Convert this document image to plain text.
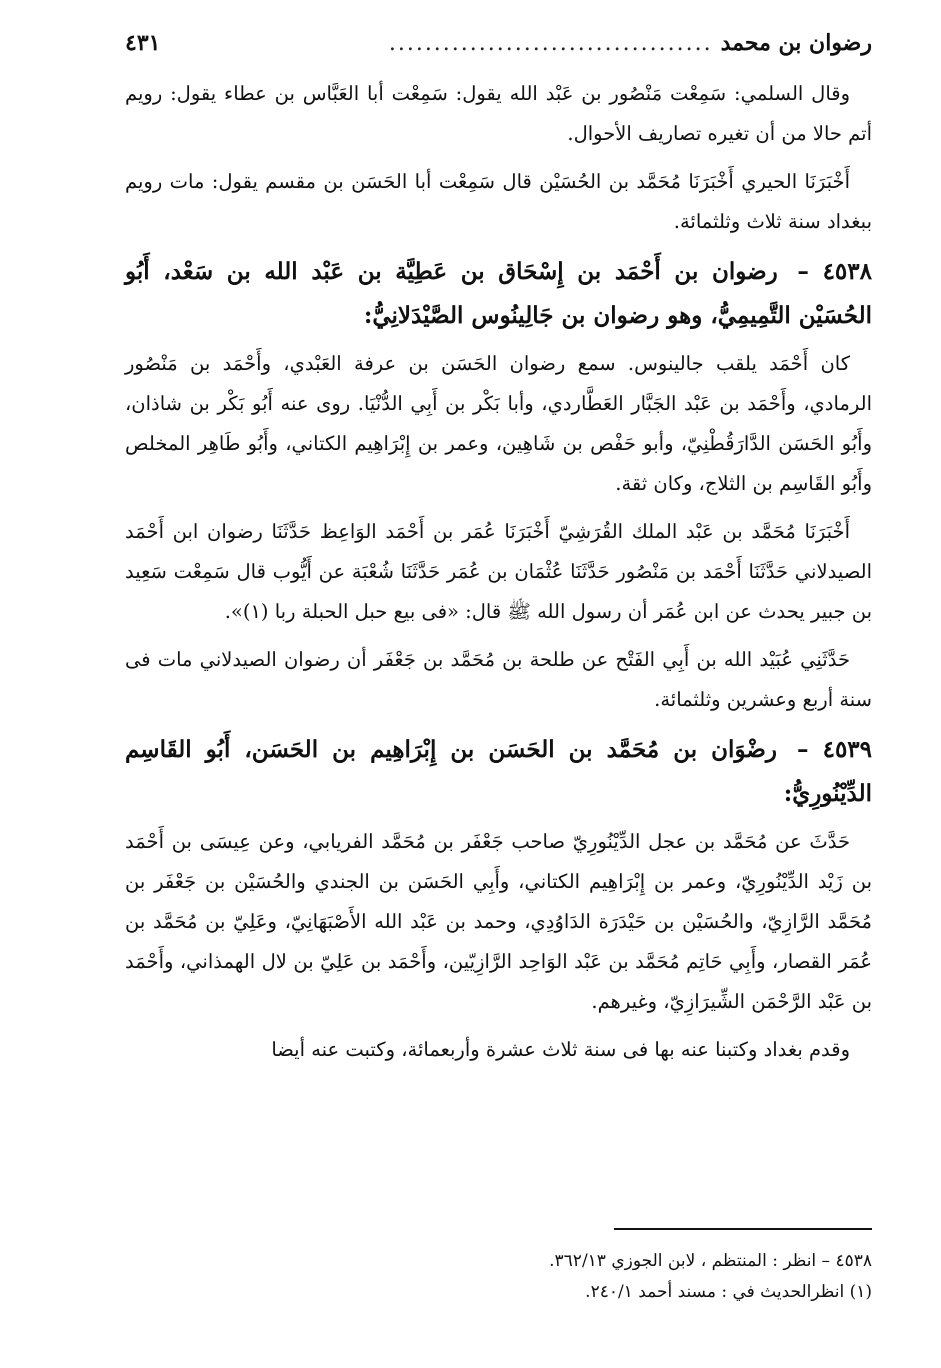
رضوان بن محمد
....................................
٤٣١

وقال السلمي: سَمِعْت مَنْصُور بن عَبْد الله يقول: سَمِعْت أبا العَبَّاس بن عطاء يقول: رويم أتم حالا من أن تغيره تصاريف الأحوال.

أَخْبَرَنَا الحيري أَخْبَرَنَا مُحَمَّد بن الحُسَيْن قال سَمِعْت أبا الحَسَن بن مقسم يقول: مات رويم ببغداد سنة ثلاث وثلثمائة.

٤٥٣٨ – رضوان بن أَحْمَد بن إِسْحَاق بن عَطِيَّة بن عَبْد الله بن سَعْد، أَبُو الحُسَيْن التَّمِيمِيُّ، وهو رضوان بن جَالِينُوس الصَّيْدَلانِيُّ:

كان أَحْمَد يلقب جالينوس. سمع رضوان الحَسَن بن عرفة العَبْدي، وأَحْمَد بن مَنْصُور الرمادي، وأَحْمَد بن عَبْد الجَبَّار العَطَّاردي، وأبا بَكْر بن أَبِي الدُّنْيَا. روى عنه أَبُو بَكْر بن شاذان، وأَبُو الحَسَن الدَّارَقُطْنِيّ، وأبو حَفْص بن شَاهِين، وعمر بن إِبْرَاهِيم الكتاني، وأَبُو طَاهِر المخلص وأَبُو القَاسِم بن الثلاج، وكان ثقة.

أَخْبَرَنَا مُحَمَّد بن عَبْد الملك القُرَشِيّ أَخْبَرَنَا عُمَر بن أَحْمَد الوَاعِظ حَدَّثَنَا رضوان ابن أَحْمَد الصيدلاني حَدَّثَنَا أَحْمَد بن مَنْصُور حَدَّثَنَا عُثْمَان بن عُمَر حَدَّثَنَا شُعْبَة عن أَيُّوب قال سَمِعْت سَعِيد بن جبير يحدث عن ابن عُمَر أن رسول الله ﷺ قال: «فى بيع حبل الحبلة ربا (١)».

حَدَّثَنِي عُبَيْد الله بن أَبِي الفَتْح عن طلحة بن مُحَمَّد بن جَعْفَر أن رضوان الصيدلاني مات فى سنة أربع وعشرين وثلثمائة.

٤٥٣٩ – رضْوَان بن مُحَمَّد بن الحَسَن بن إِبْرَاهِيم بن الحَسَن، أَبُو القَاسِم الدِّيْنُورِيُّ:

حَدَّثَ عن مُحَمَّد بن عجل الدِّيْنُورِيّ صاحب جَعْفَر بن مُحَمَّد الفريابي، وعن عِيسَى بن أَحْمَد بن زَيْد الدِّيْنُورِيّ، وعمر بن إِبْرَاهِيم الكتاني، وأَبِي الحَسَن بن الجندي والحُسَيْن بن جَعْفَر بن مُحَمَّد الرَّازِيّ، والحُسَيْن بن حَيْدَرَة الدَاوُدِي، وحمد بن عَبْد الله الأَصْبَهَانِيّ، وعَلِيّ بن مُحَمَّد بن عُمَر القصار، وأَبِي حَاتِم مُحَمَّد بن عَبْد الوَاحِد الرَّازِيّين، وأَحْمَد بن عَلِيّ بن لال الهمذاني، وأَحْمَد بن عَبْد الرَّحْمَن الشِّيرَازِيّ، وغيرهم.

وقدم بغداد وكتبنا عنه بها فى سنة ثلاث عشرة وأربعمائة، وكتبت عنه أيضا

٤٥٣٨ – انظر : المنتظم ، لابن الجوزي ٣٦٢/١٣.
(١) انظرالحديث في : مسند أحمد ٢٤٠/١.
